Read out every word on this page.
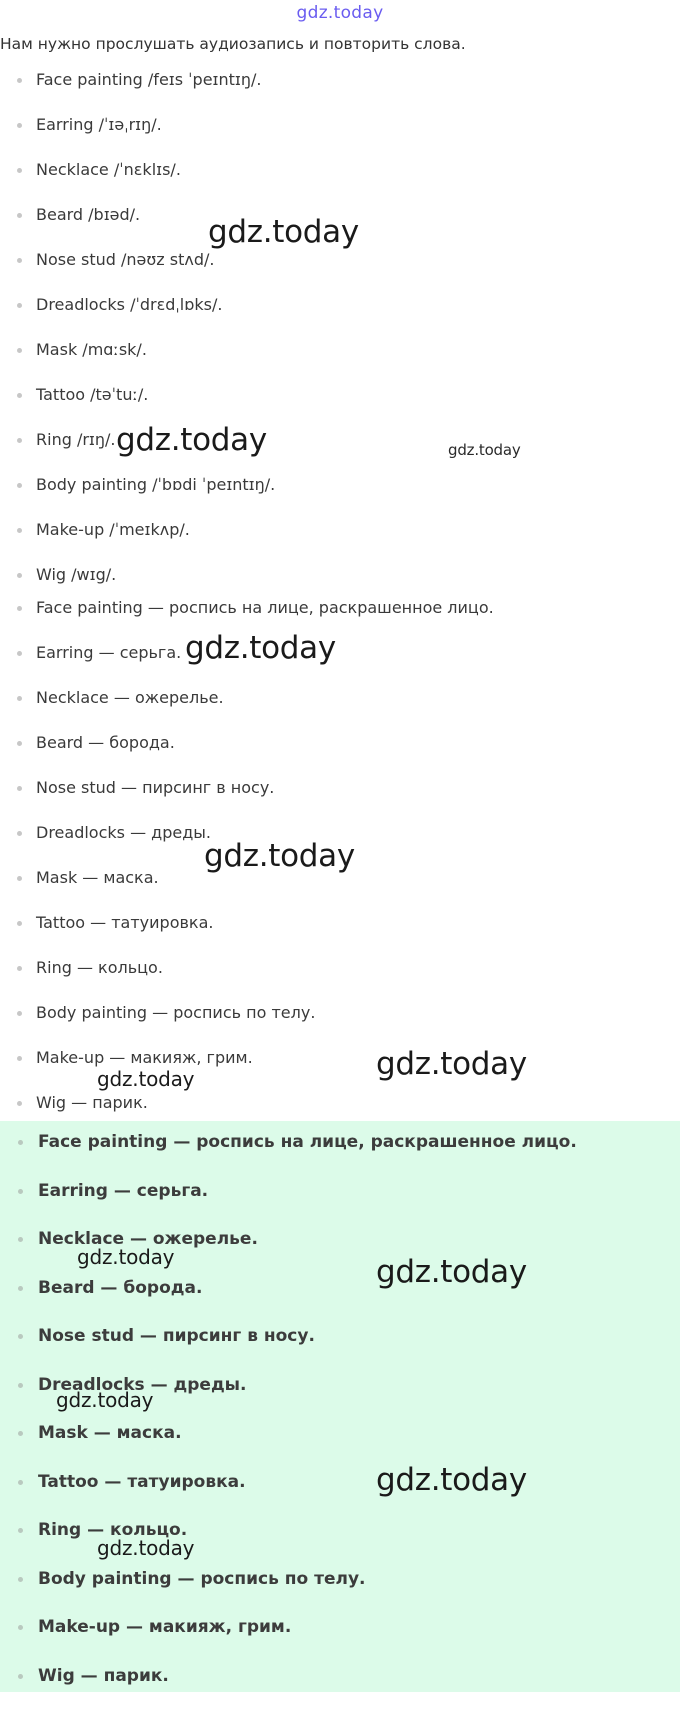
gdz.today

Нам нужно прослушать аудиозапись и повторить слова.

Face painting /feɪs ˈpeɪntɪŋ/.
Earring /ˈɪəˌrɪŋ/.
Necklace /ˈnɛklɪs/.
Beard /bɪəd/.
Nose stud /nəʊz stʌd/.
Dreadlocks /ˈdrɛdˌlɒks/.
Mask /mɑːsk/.
Tattoo /təˈtuː/.
Ring /rɪŋ/.
Body painting /ˈbɒdi ˈpeɪntɪŋ/.
Make-up /ˈmeɪkʌp/.
Wig /wɪg/.
Face painting — роспись на лице, раскрашенное лицо.
Earring — серьга.
Necklace — ожерелье.
Beard — борода.
Nose stud — пирсинг в носу.
Dreadlocks — дреды.
Mask — маска.
Tattoo — татуировка.
Ring — кольцо.
Body painting — роспись по телу.
Make-up — макияж, грим.
Wig — парик.
Face painting — роспись на лице, раскрашенное лицо.
Earring — серьга.
Necklace — ожерелье.
Beard — борода.
Nose stud — пирсинг в носу.
Dreadlocks — дреды.
Mask — маска.
Tattoo — татуировка.
Ring — кольцо.
Body painting — роспись по телу.
Make-up — макияж, грим.
Wig — парик.
gdz.today
gdz.today	gdz.today
gdz.today
gdz.today
gdz.today
gdz.today
gdz.today	gdz.today
gdz.today
gdz.today
gdz.today
